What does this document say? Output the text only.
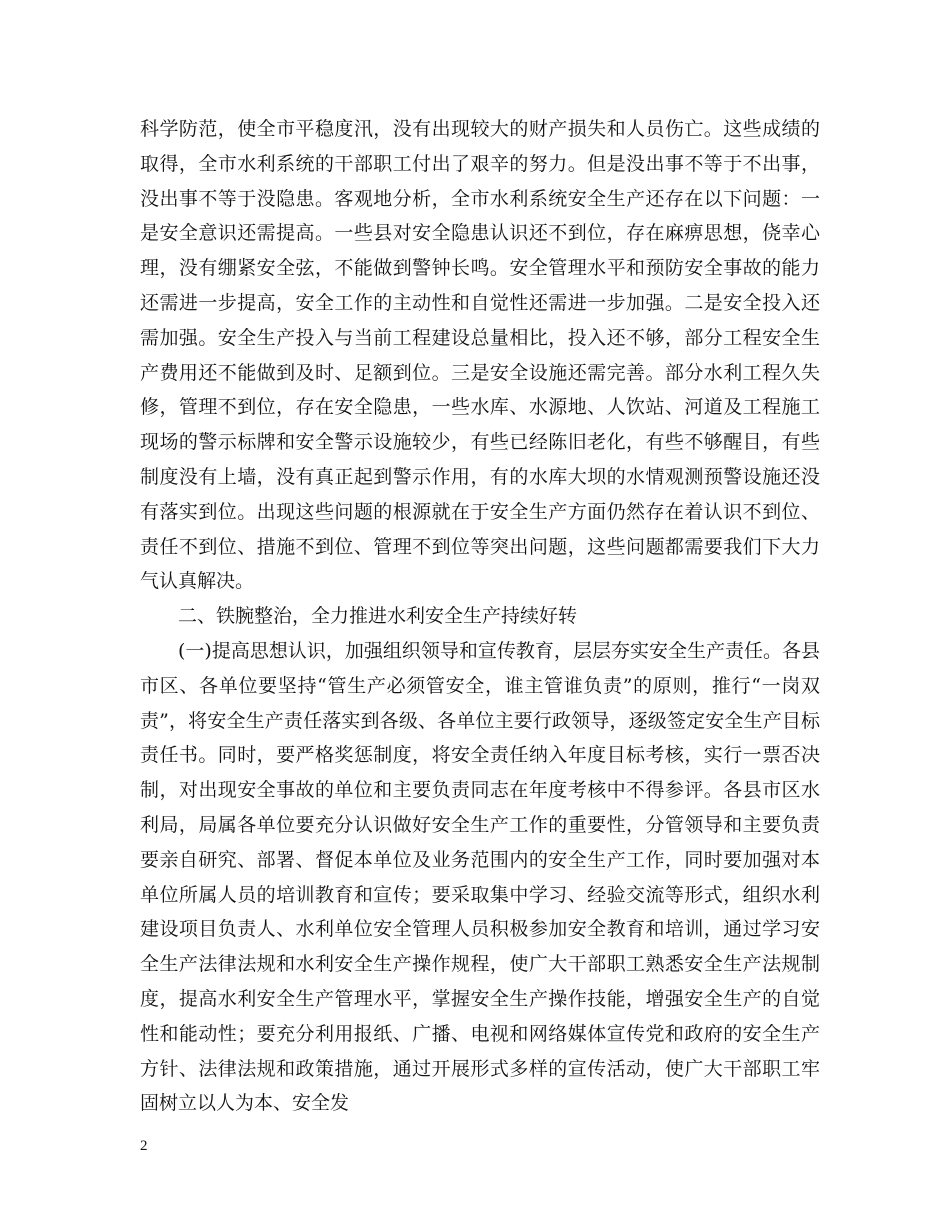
科学防范，使全市平稳度汛，没有出现较大的财产损失和人员伤亡。这些成绩的取得，全市水利系统的干部职工付出了艰辛的努力。但是没出事不等于不出事，没出事不等于没隐患。客观地分析，全市水利系统安全生产还存在以下问题：一是安全意识还需提高。一些县对安全隐患认识还不到位，存在麻痹思想，侥幸心理，没有绷紧安全弦，不能做到警钟长鸣。安全管理水平和预防安全事故的能力还需进一步提高，安全工作的主动性和自觉性还需进一步加强。二是安全投入还需加强。安全生产投入与当前工程建设总量相比，投入还不够，部分工程安全生产费用还不能做到及时、足额到位。三是安全设施还需完善。部分水利工程久失修，管理不到位，存在安全隐患，一些水库、水源地、人饮站、河道及工程施工现场的警示标牌和安全警示设施较少，有些已经陈旧老化，有些不够醒目，有些制度没有上墙，没有真正起到警示作用，有的水库大坝的水情观测预警设施还没有落实到位。出现这些问题的根源就在于安全生产方面仍然存在着认识不到位、责任不到位、措施不到位、管理不到位等突出问题，这些问题都需要我们下大力气认真解决。

二、铁腕整治，全力推进水利安全生产持续好转

(一)提高思想认识，加强组织领导和宣传教育，层层夯实安全生产责任。各县市区、各单位要坚持“管生产必须管安全，谁主管谁负责”的原则，推行“一岗双责”，将安全生产责任落实到各级、各单位主要行政领导，逐级签定安全生产目标责任书。同时，要严格奖惩制度，将安全责任纳入年度目标考核，实行一票否决制，对出现安全事故的单位和主要负责同志在年度考核中不得参评。各县市区水利局，局属各单位要充分认识做好安全生产工作的重要性，分管领导和主要负责要亲自研究、部署、督促本单位及业务范围内的安全生产工作，同时要加强对本单位所属人员的培训教育和宣传；要采取集中学习、经验交流等形式，组织水利建设项目负责人、水利单位安全管理人员积极参加安全教育和培训，通过学习安全生产法律法规和水利安全生产操作规程，使广大干部职工熟悉安全生产法规制度，提高水利安全生产管理水平，掌握安全生产操作技能，增强安全生产的自觉性和能动性；要充分利用报纸、广播、电视和网络媒体宣传党和政府的安全生产方针、法律法规和政策措施，通过开展形式多样的宣传活动，使广大干部职工牢固树立以人为本、安全发

2
